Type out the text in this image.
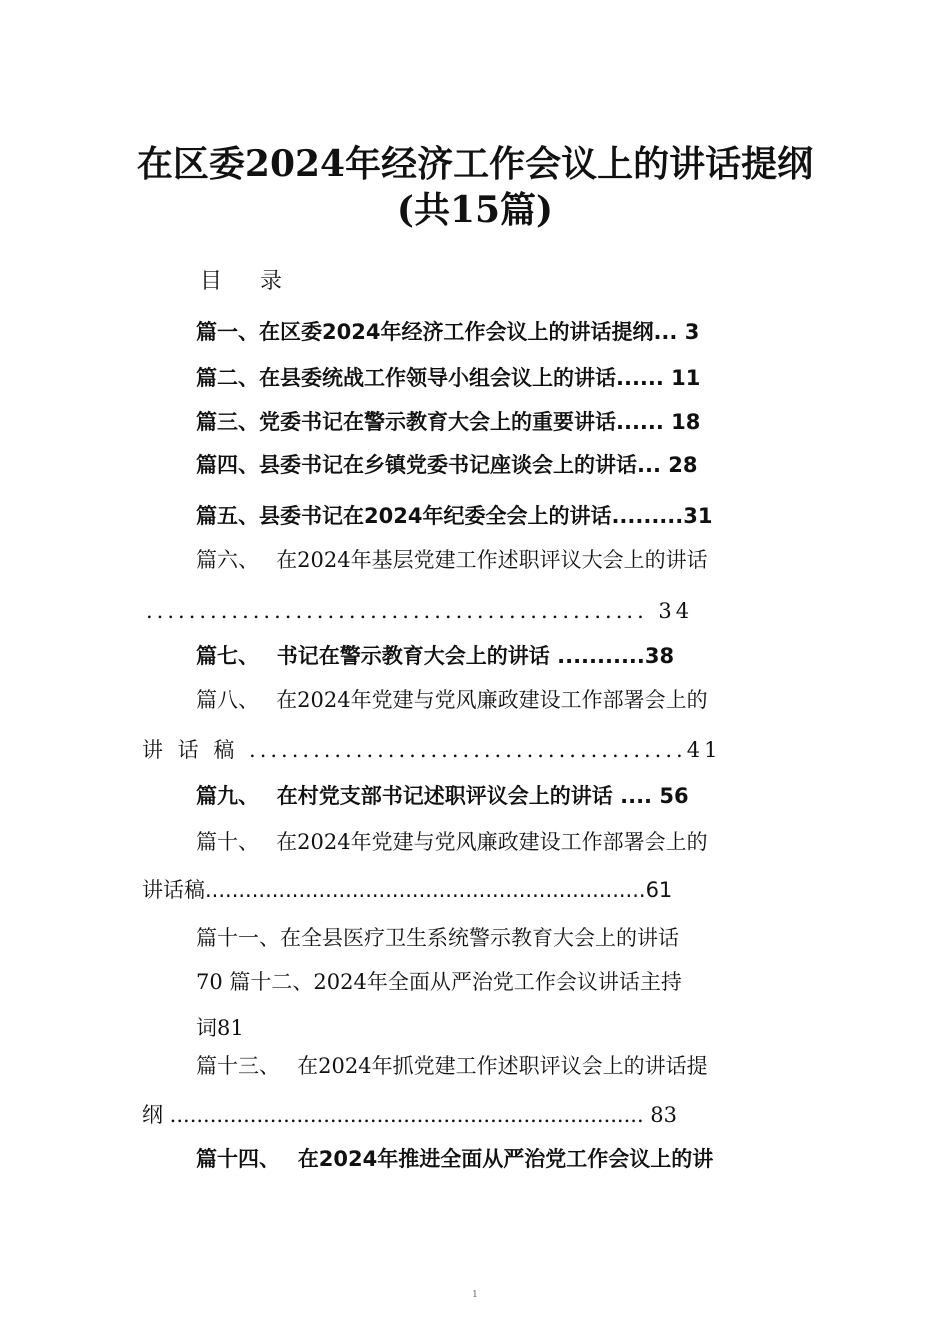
在区委2024年经济工作会议上的讲话提纲
(共15篇)
目　录
篇一、在区委2024年经济工作会议上的讲话提纲... 3
篇二、在县委统战工作领导小组会议上的讲话...... 11
篇三、党委书记在警示教育大会上的重要讲话...... 18
篇四、县委书记在乡镇党委书记座谈会上的讲话... 28
篇五、县委书记在2024年纪委全会上的讲话.........31
篇六、　 在2024年基层党建工作述职评议大会上的讲话
............................................... 34
篇七、　 书记在警示教育大会上的讲话 ...........38
篇八、　 在2024年党建与党风廉政建设工作部署会上的
讲 话 稿 .........................................41
篇九、　 在村党支部书记述职评议会上的讲话 .... 56
篇十、　 在2024年党建与党风廉政建设工作部署会上的
讲话稿..................................................................61
篇十一、在全县医疗卫生系统警示教育大会上的讲话
70 篇十二、2024年全面从严治党工作会议讲话主持
词81
篇十三、　 在2024年抓党建工作述职评议会上的讲话提
纲 ....................................................................... 83
篇十四、　 在2024年推进全面从严治党工作会议上的讲
1
